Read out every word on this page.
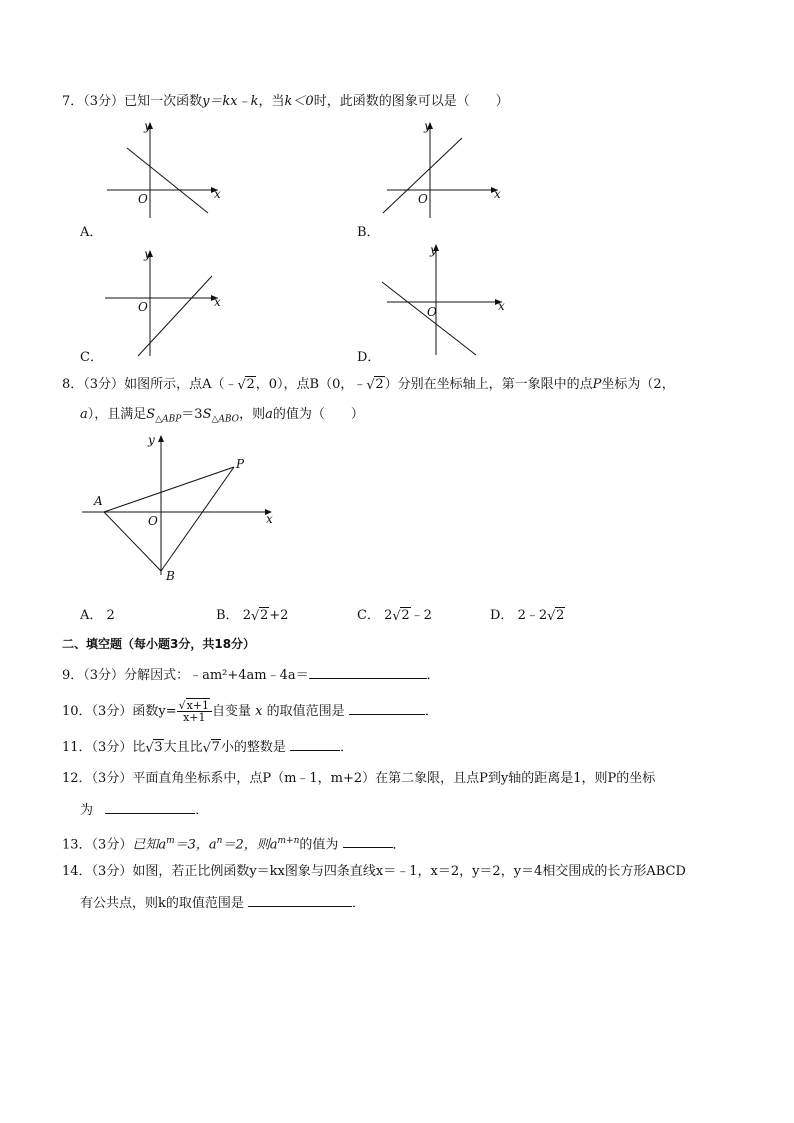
7．（3分）已知一次函数y＝kx﹣k，当k＜0时，此函数的图象可以是（　　）
x
y
O
A．
x
y
O
B．
x
y
O
C．
x
y
O
D．
8．（3分）如图所示，点A（﹣ √ 2，0），点B（0，﹣ √ 2）分别在坐标轴上，第一象限中的点P坐标为（2，
a），且满足$S_{\triangle ABP}=3S_{\triangle ABO}$，则a的值为（　　）
A
B
P
O	x
y
A． 2	B． 2 √ 2+2	C． 2 √ 2﹣2	D． 2﹣2 √ 2
二、填空题（每小题3分，共18分）
9．（3分）分解因式：﹣am²+4am﹣4a＝	．
10．（3分）函数$y= \frac{√ x+1}{x+1}$ 自变量 x 的取值范围是	．
11．（3分）比 √ 3大且比 √ 7小的整数是	．
12．（3分）平面直角坐标系中，点P（m﹣1，m+2）在第二象限，且点P到y轴的距离是1，则P的坐标
为	．
13．（3分）已知$a^m=3$，$a^n=2$，则$a^{m+n}$的值为	．
14．（3分）如图，若正比例函数y＝kx图象与四条直线x＝﹣1，x＝2，y＝2，y＝4相交围成的长方形ABCD
有公共点，则k的取值范围是	．
